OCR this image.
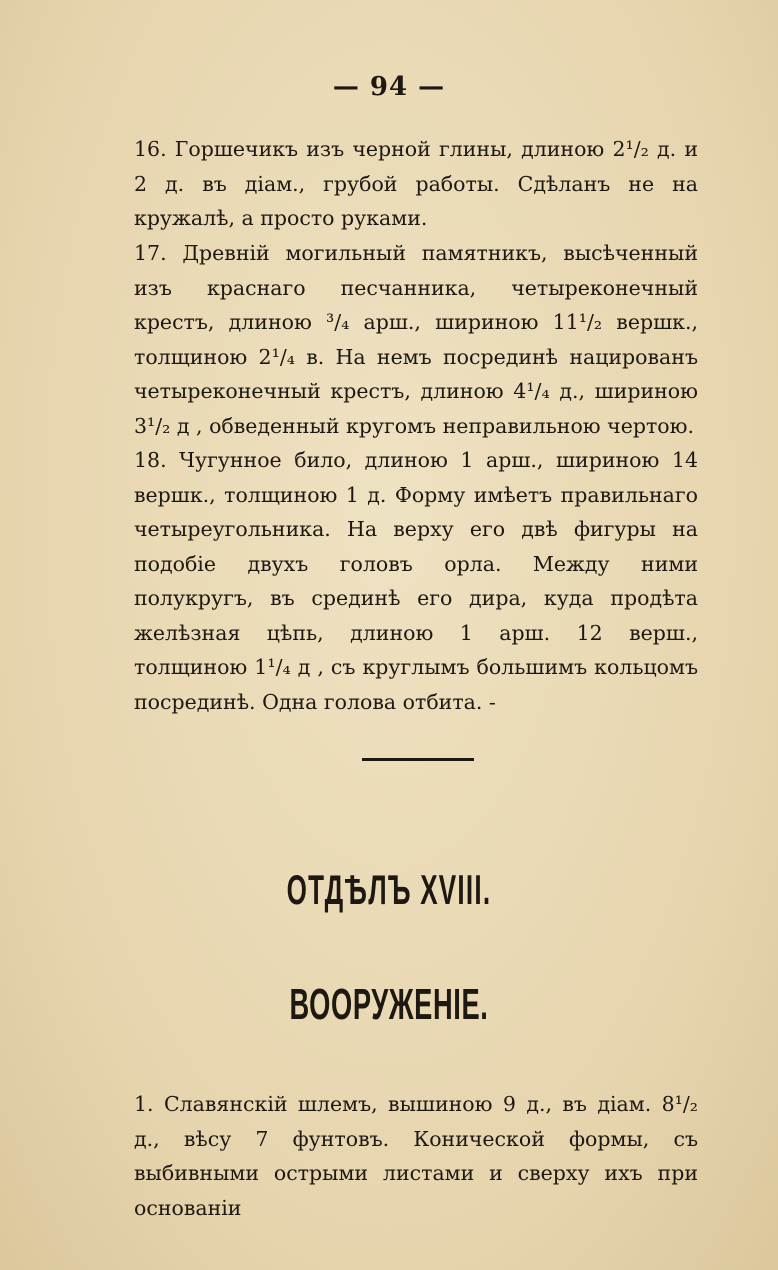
— 94 —
16. Горшечикъ изъ черной глины, длиною 2¹/₂ д. и 2 д. въ діам., грубой работы. Сдѣланъ не на кружалѣ, а просто руками.
17. Древній могильный памятникъ, высѣченный изъ краснаго песчанника, четыреконечный крестъ, длиною ³/₄ арш., шириною 11¹/₂ вершк., толщиною 2¹/₄ в. На немъ посрединѣ нацированъ четыреконечный крестъ, длиною 4¹/₄ д., шириною 3¹/₂ д , обведенный кругомъ неправильною чертою.
18. Чугунное било, длиною 1 арш., шириною 14 вершк., толщиною 1 д. Форму имѣетъ правильнаго четыреугольника. На верху его двѣ фигуры на подобіе двухъ головъ орла. Между ними полукругъ, въ срединѣ его дира, куда продѣта желѣзная цѣпь, длиною 1 арш. 12 верш., толщиною 1¹/₄ д , съ круглымъ большимъ кольцомъ посрединѣ. Одна голова отбита. -
ОТДѢЛЪ XVIII.
ВООРУЖЕНІЕ.
1. Славянскій шлемъ, вышиною 9 д., въ діам. 8¹/₂ д., вѣсу 7 фунтовъ. Конической формы, съ выбивными острыми листами и сверху ихъ при основаніи
